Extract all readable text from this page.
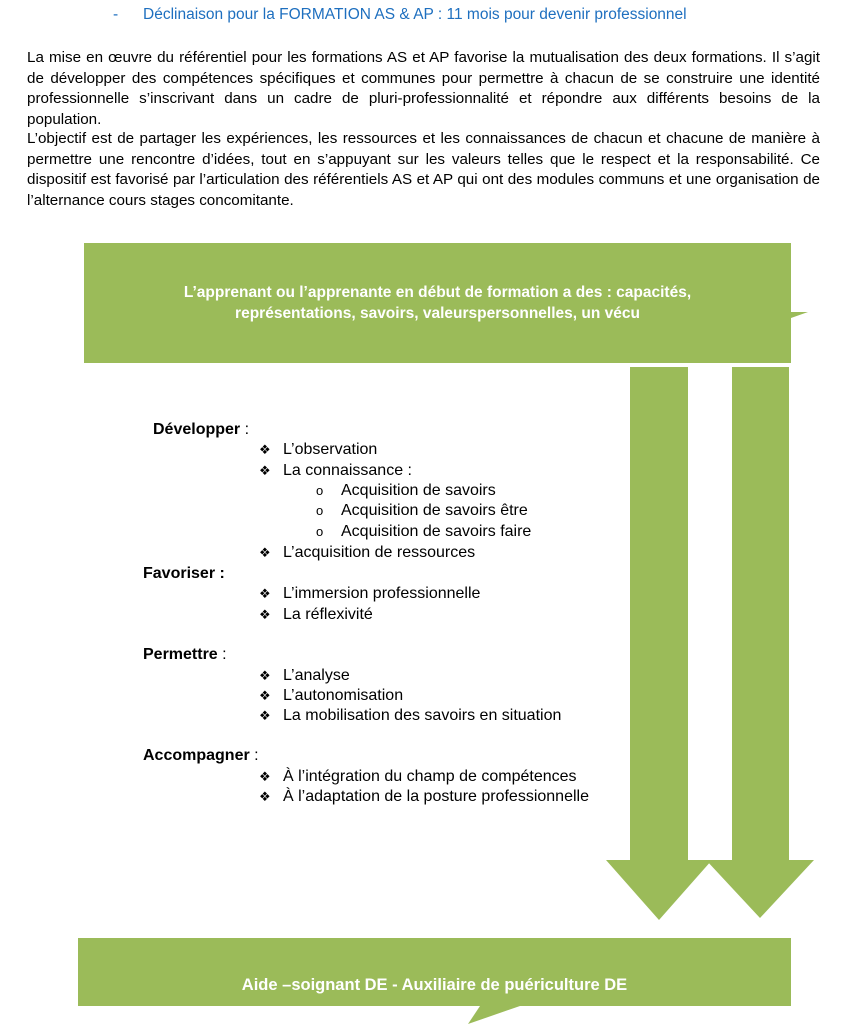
- Déclinaison pour la FORMATION AS & AP : 11 mois pour devenir professionnel

La mise en œuvre du référentiel pour les formations AS et AP favorise la mutualisation des deux formations. Il s’agit de développer des compétences spécifiques et communes pour permettre à chacun de se construire une identité professionnelle s’inscrivant dans un cadre de pluri-professionnalité et répondre aux différents besoins de la population.

L’objectif est de partager les expériences, les ressources et les connaissances de chacun et chacune de manière à permettre une rencontre d’idées, tout en s’appuyant sur les valeurs telles que le respect et la responsabilité. Ce dispositif est favorisé par l’articulation des référentiels AS et AP qui ont des modules communs et une organisation de l’alternance cours stages concomitante.

L’apprenant ou l’apprenante en début de formation a des : capacités, représentations, savoirs, valeurspersonnelles, un vécu
Une posture professionnelle	Représentations professionnelles
Développer :
❖ L’observation
❖ La connaissance :
o Acquisition de savoirs
o Acquisition de savoirs être
o Acquisition de savoirs faire
❖ L’acquisition de ressources
Favoriser :
❖ L’immersion professionnelle
❖ La réflexivité
Permettre :
❖ L’analyse
❖ L’autonomisation
❖ La mobilisation des savoirs en situation
Accompagner :
❖ À l’intégration du champ de compétences
❖ À l’adaptation de la posture professionnelle
Aide –soignant DE - Auxiliaire de puériculture DE
